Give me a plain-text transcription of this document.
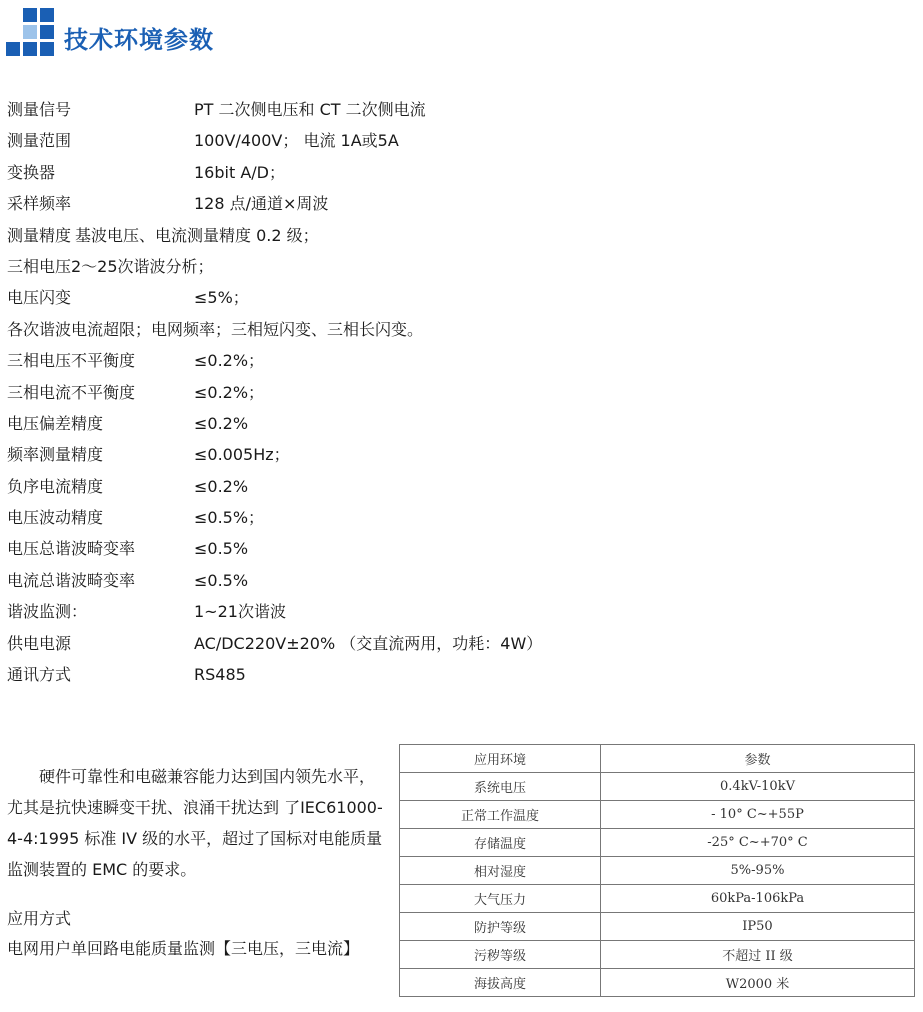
技术环境参数
测量信号	PT 二次侧电压和 CT 二次侧电流
测量范围	100V/400V； 电流 1A或5A
变换器	16bit A/D；
采样频率	128 点/通道×周波
测量精度 基波电压、电流测量精度 0.2 级；
三相电压2～25次谐波分析；
电压闪变	≤5%；
各次谐波电流超限；电网频率；三相短闪变、三相长闪变。
三相电压不平衡度	≤0.2%；
三相电流不平衡度	≤0.2%；
电压偏差精度	≤0.2%
频率测量精度	≤0.005Hz；
负序电流精度	≤0.2%
电压波动精度	≤0.5%；
电压总谐波畸变率	≤0.5%
电流总谐波畸变率	≤0.5%
谐波监测：	1~21次谐波
供电电源	AC/DC220V±20% （交直流两用，功耗：4W）
通讯方式	RS485

硬件可靠性和电磁兼容能力达到国内领先水平，尤其是抗快速瞬变干扰、浪涌干扰达到 了IEC61000-4-4:1995 标准 IV 级的水平，超过了国标对电能质量监测装置的 EMC 的要求。

应用方式
电网用户单回路电能质量监测【三电压，三电流】
应用环境	参数
系统电压	0.4kV-10kV
正常工作温度	- 10° C~+55P
存储温度	-25° C~+70° C
相对湿度	5%-95%
大气压力	60kPa-106kPa
防护等级	IP50
污秽等级	不超过 II 级
海拔高度	W2000 米
